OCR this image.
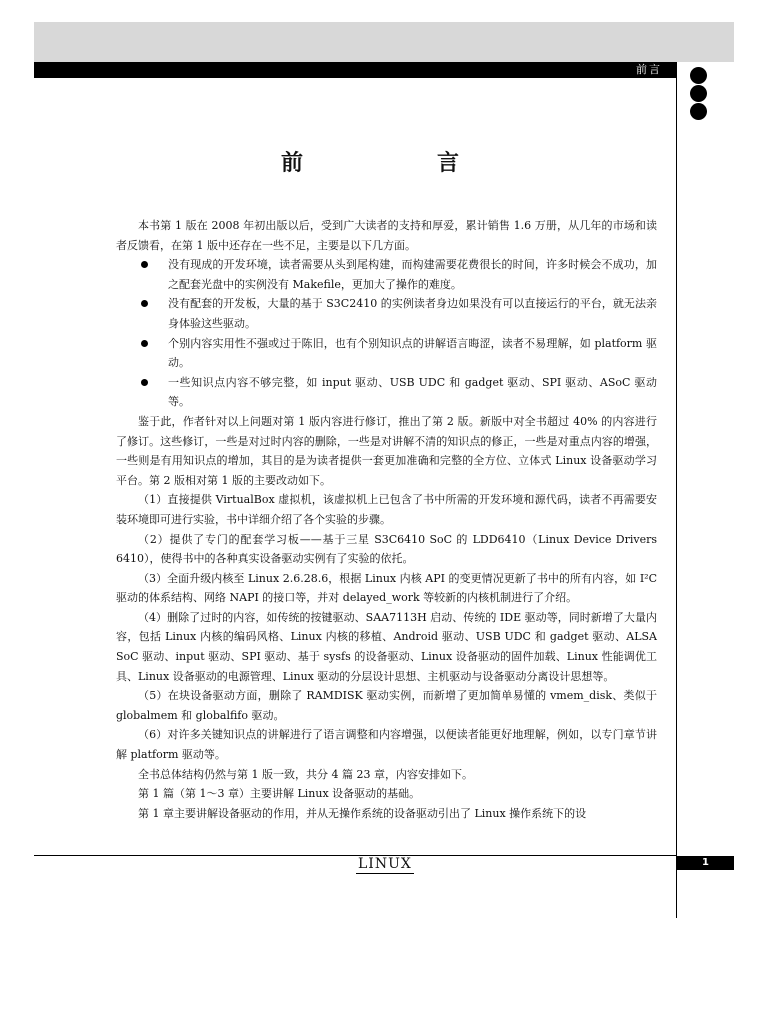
前言
前　言

本书第 1 版在 2008 年初出版以后，受到广大读者的支持和厚爱，累计销售 1.6 万册，从几年的市场和读者反馈看，在第 1 版中还存在一些不足，主要是以下几方面。

没有现成的开发环境，读者需要从头到尾构建，而构建需要花费很长的时间，许多时候会不成功，加之配套光盘中的实例没有 Makefile，更加大了操作的难度。
没有配套的开发板，大量的基于 S3C2410 的实例读者身边如果没有可以直接运行的平台，就无法亲身体验这些驱动。
个别内容实用性不强或过于陈旧，也有个别知识点的讲解语言晦涩，读者不易理解，如 platform 驱动。
一些知识点内容不够完整，如 input 驱动、USB UDC 和 gadget 驱动、SPI 驱动、ASoC 驱动等。

鉴于此，作者针对以上问题对第 1 版内容进行修订，推出了第 2 版。新版中对全书超过 40% 的内容进行了修订。这些修订，一些是对过时内容的删除，一些是对讲解不清的知识点的修正，一些是对重点内容的增强，一些则是有用知识点的增加，其目的是为读者提供一套更加准确和完整的全方位、立体式 Linux 设备驱动学习平台。第 2 版相对第 1 版的主要改动如下。

（1）直接提供 VirtualBox 虚拟机，该虚拟机上已包含了书中所需的开发环境和源代码，读者不再需要安装环境即可进行实验，书中详细介绍了各个实验的步骤。

（2）提供了专门的配套学习板——基于三星 S3C6410 SoC 的 LDD6410（Linux Device Drivers 6410），使得书中的各种真实设备驱动实例有了实验的依托。

（3）全面升级内核至 Linux 2.6.28.6，根据 Linux 内核 API 的变更情况更新了书中的所有内容，如 I²C 驱动的体系结构、网络 NAPI 的接口等，并对 delayed_work 等较新的内核机制进行了介绍。

（4）删除了过时的内容，如传统的按键驱动、SAA7113H 启动、传统的 IDE 驱动等，同时新增了大量内容，包括 Linux 内核的编码风格、Linux 内核的移植、Android 驱动、USB UDC 和 gadget 驱动、ALSA SoC 驱动、input 驱动、SPI 驱动、基于 sysfs 的设备驱动、Linux 设备驱动的固件加载、Linux 性能调优工具、Linux 设备驱动的电源管理、Linux 驱动的分层设计思想、主机驱动与设备驱动分离设计思想等。

（5）在块设备驱动方面，删除了 RAMDISK 驱动实例，而新增了更加简单易懂的 vmem_disk、类似于 globalmem 和 globalfifo 驱动。

（6）对许多关键知识点的讲解进行了语言调整和内容增强，以便读者能更好地理解，例如，以专门章节讲解 platform 驱动等。

全书总体结构仍然与第 1 版一致，共分 4 篇 23 章，内容安排如下。

第 1 篇（第 1～3 章）主要讲解 Linux 设备驱动的基础。

第 1 章主要讲解设备驱动的作用，并从无操作系统的设备驱动引出了 Linux 操作系统下的设

LINUX	1
